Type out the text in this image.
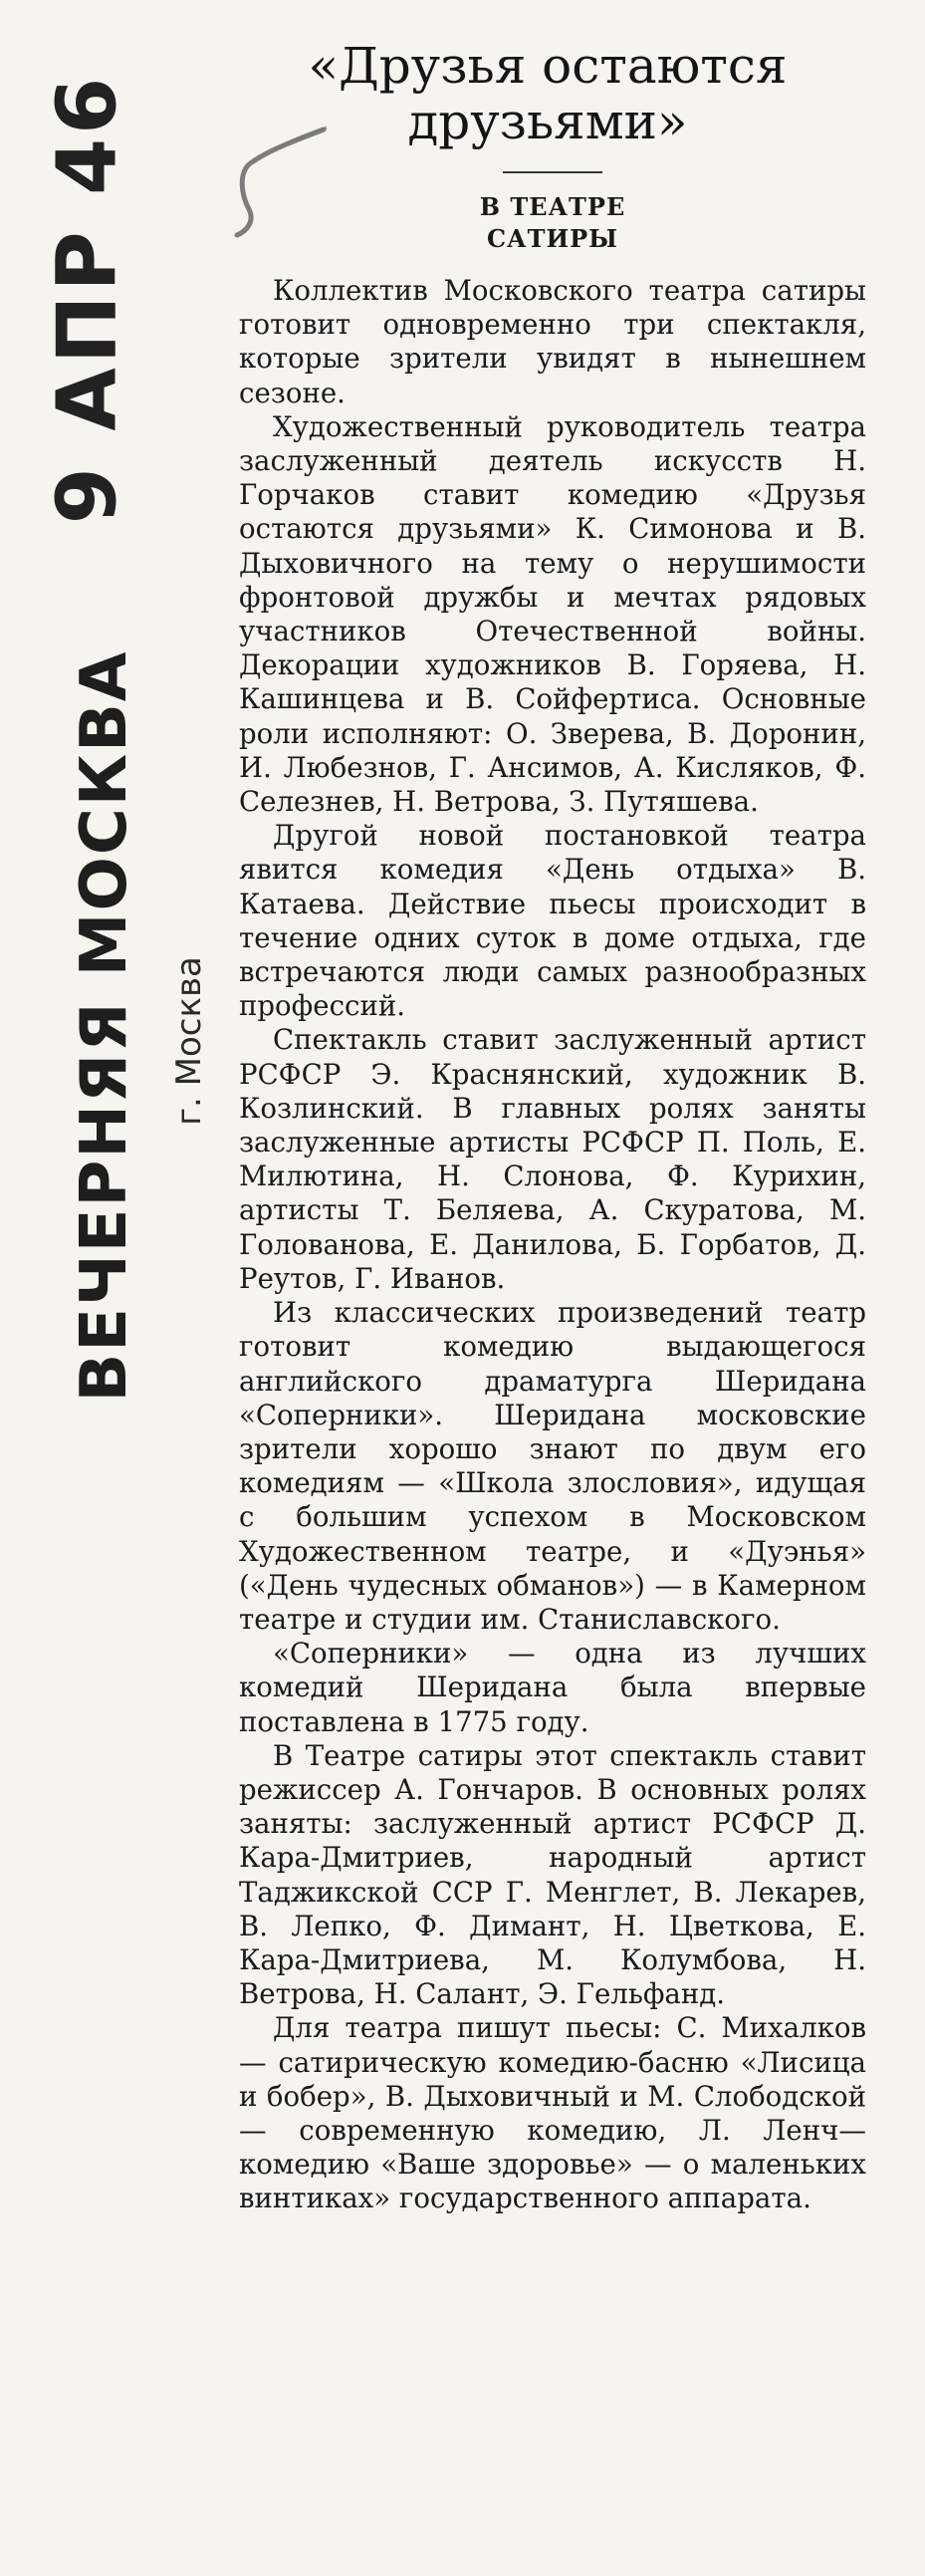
9 АПР 46
ВЕЧЕРНЯЯ МОСКВА г. Москва
«Друзья остаются
друзьями»
В ТЕАТРЕ
САТИРЫ

Коллектив Московского театра сатиры готовит одновременно три спектакля, которые зрители увидят в нынешнем сезоне.

Художественный руководитель театра заслуженный деятель искусств Н. Горчаков ставит комедию «Друзья остаются друзьями» К. Симонова и В. Дыховичного на тему о нерушимости фронтовой дружбы и мечтах рядовых участников Отечественной войны. Декорации художников В. Горяева, Н. Кашинцева и В. Сойфертиса. Основные роли исполняют: О. Зверева, В. Доронин, И. Любезнов, Г. Ансимов, А. Кисляков, Ф. Селезнев, Н. Ветрова, З. Путяшева.

Другой новой постановкой театра явится комедия «День отдыха» В. Катаева. Действие пьесы происходит в течение одних суток в доме отдыха, где встречаются люди самых разнообразных профессий.

Спектакль ставит заслуженный артист РСФСР Э. Краснянский, художник В. Козлинский. В главных ролях заняты заслуженные артисты РСФСР П. Поль, Е. Милютина, Н. Слонова, Ф. Курихин, артисты Т. Беляева, А. Скуратова, М. Голованова, Е. Данилова, Б. Горбатов, Д. Реутов, Г. Иванов.

Из классических произведений театр готовит комедию выдающегося английского драматурга Шеридана «Соперники». Шеридана московские зрители хорошо знают по двум его комедиям — «Школа злословия», идущая с большим успехом в Московском Художественном театре, и «Дуэнья» («День чудесных обманов») — в Камерном театре и студии им. Станиславского.

«Соперники» — одна из лучших комедий Шеридана была впервые поставлена в 1775 году.

В Театре сатиры этот спектакль ставит режиссер А. Гончаров. В основных ролях заняты: заслуженный артист РСФСР Д. Кара-Дмитриев, народный артист Таджикской ССР Г. Менглет, В. Лекарев, В. Лепко, Ф. Димант, Н. Цветкова, Е. Кара-Дмитриева, М. Колумбова, Н. Ветрова, Н. Салант, Э. Гельфанд.

Для театра пишут пьесы: С. Михалков — сатирическую комедию-басню «Лисица и бобер», В. Дыховичный и М. Слободской — современную комедию, Л. Ленч—комедию «Ваше здоровье» — о маленьких винтиках» государственного аппарата.
